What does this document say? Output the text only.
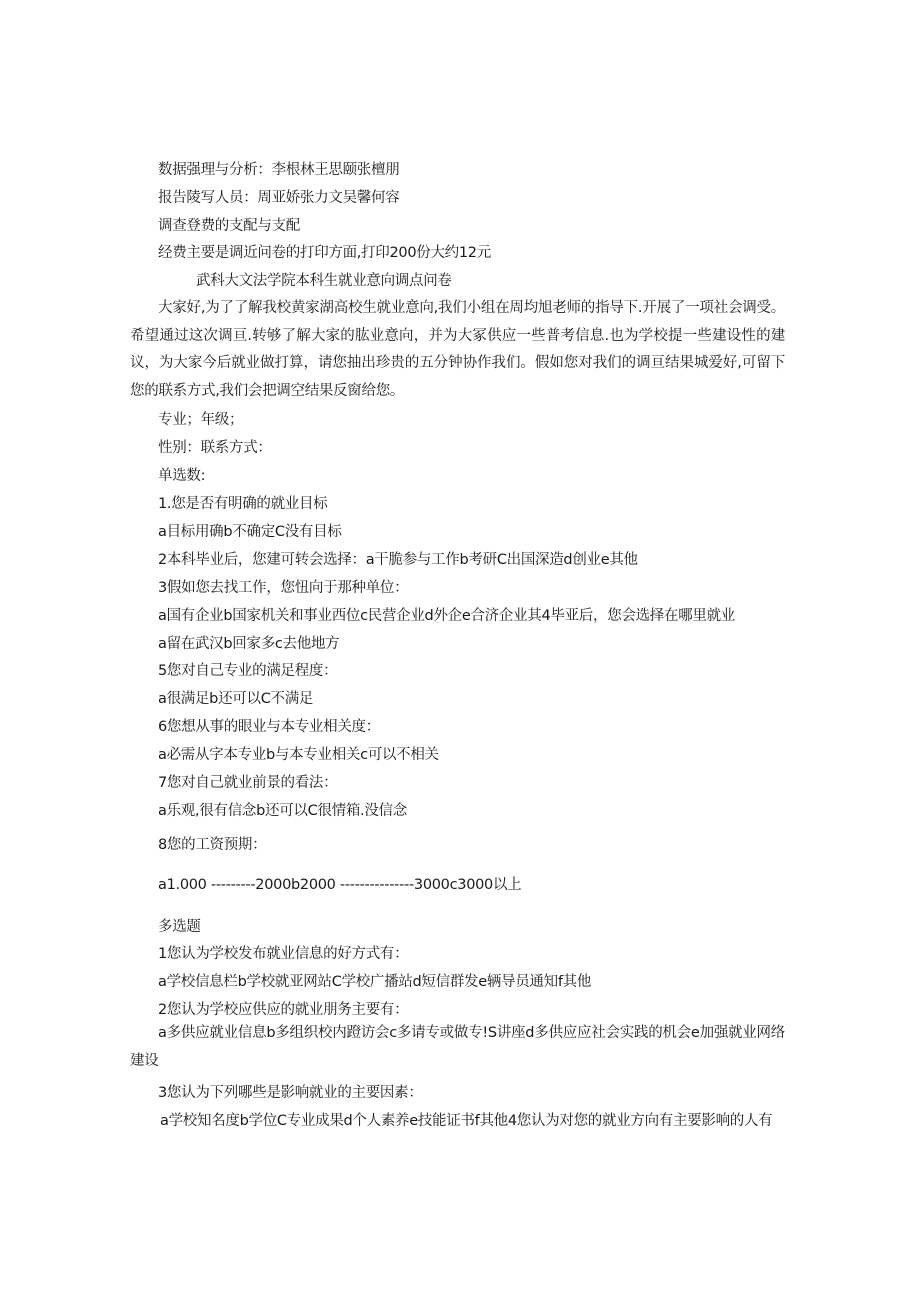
数据强理与分析：李根林王思颐张檀朋

报告陵写人员：周亚娇张力文吴馨何容

调查登费的支配与支配

经费主要是调近问卷的打印方面,打印200份大约12元

武科大文法学院本科生就业意向调点问卷

大家好,为了了解我校黄家湖高校生就业意向,我们小组在周均旭老师的指导下.开展了一项社会调受。希望通过这次调亘.转够了解大家的肱业意向，并为大冢供应一些普考信息.也为学校提一些建设性的建议，为大家今后就业做打算，请您抽出珍贵的五分钟协作我们。假如您对我们的调亘结果城爱好,可留下您的联系方式,我们会把调空结果反窗给您。

专业；年级；

性别：联系方式：

单选数:

1.您是否有明确的就业目标

a目标用确b不确定C没有目标

2本科毕业后，您建可转会选择：a干脆参与工作b考研C出国深造d创业e其他

3假如您去找工作，您忸向于那种单位：

a国有企业b国家机关和事业西位c民营企业d外企e合济企业其4毕亚后，您会选择在哪里就业

a留在武汉b回家多c去他地方

5您对自己专业的满足程度：

a很满足b还可以C不满足

6您想从事的眼业与本专业相关度：

a必需从字本专业b与本专业相关c可以不相关

7您对自己就业前景的看法：

a乐观,很有信念b还可以C很情箱.没信念

8您的工资预期：

a1.000 ---------2000b2000 ---------------3000c3000以上

多选题

1您认为学校发布就业信息的好方式有：

a学校信息栏b学校就亚网站C学校广播站d短信群发e辆导员通知f其他

2您认为学校应供应的就业朋务主要有：

a多供应就业信息b多组织校内蹬访会c多请专或做专!S讲座d多供应应社会实践的机会e加强就业网络建设

3您认为下列哪些是影响就业的主要因素：

a学校知名度b学位C专业成果d个人素养e技能证书f其他4您认为对您的就业方向有主要影响的人有
